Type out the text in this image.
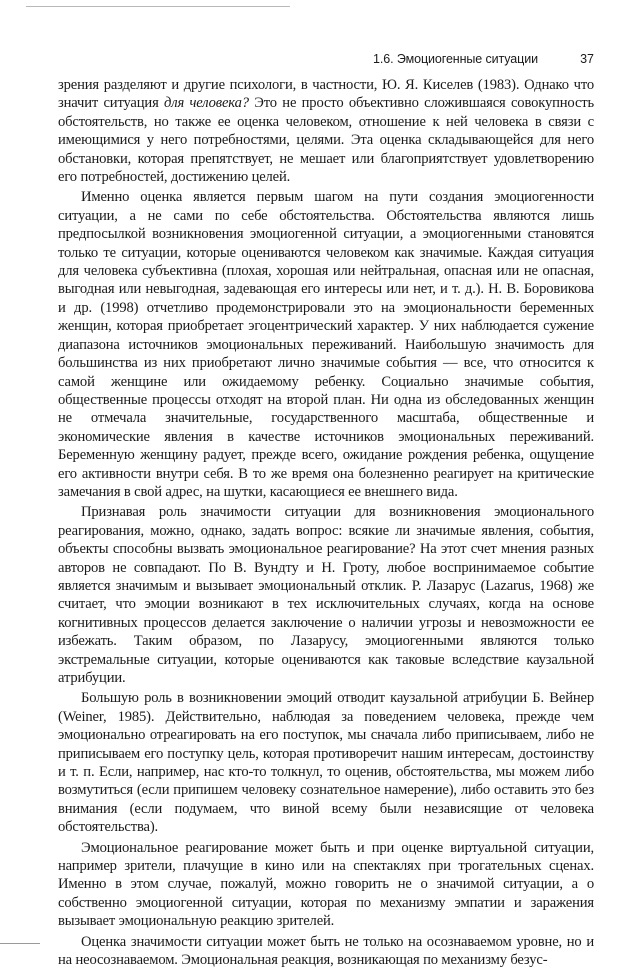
1.6. Эмоциогенные ситуации	37

зрения разделяют и другие психологи, в частности, Ю. Я. Киселев (1983). Однако что значит ситуация для человека? Это не просто объективно сложившаяся совокупность обстоятельств, но также ее оценка человеком, отношение к ней человека в связи с имеющимися у него потребностями, целями. Эта оценка складывающейся для него обстановки, которая препятствует, не мешает или благоприятствует удовлетворению его потребностей, достижению целей.

Именно оценка является первым шагом на пути создания эмоциогенности ситуации, а не сами по себе обстоятельства. Обстоятельства являются лишь предпосылкой возникновения эмоциогенной ситуации, а эмоциогенными становятся только те ситуации, которые оцениваются человеком как значимые. Каждая ситуация для человека субъективна (плохая, хорошая или нейтральная, опасная или не опасная, выгодная или невыгодная, задевающая его интересы или нет, и т. д.). Н. В. Боровикова и др. (1998) отчетливо продемонстрировали это на эмоциональности беременных женщин, которая приобретает эгоцентрический характер. У них наблюдается сужение диапазона источников эмоциональных переживаний. Наибольшую значимость для большинства из них приобретают лично значимые события — все, что относится к самой женщине или ожидаемому ребенку. Социально значимые события, общественные процессы отходят на второй план. Ни одна из обследованных женщин не отмечала значительные, государственного масштаба, общественные и экономические явления в качестве источников эмоциональных переживаний. Беременную женщину радует, прежде всего, ожидание рождения ребенка, ощущение его активности внутри себя. В то же время она болезненно реагирует на критические замечания в свой адрес, на шутки, касающиеся ее внешнего вида.

Признавая роль значимости ситуации для возникновения эмоционального реагирования, можно, однако, задать вопрос: всякие ли значимые явления, события, объекты способны вызвать эмоциональное реагирование? На этот счет мнения разных авторов не совпадают. По В. Вундту и Н. Гроту, любое воспринимаемое событие является значимым и вызывает эмоциональный отклик. Р. Лазарус (Lazarus, 1968) же считает, что эмоции возникают в тех исключительных случаях, когда на основе когнитивных процессов делается заключение о наличии угрозы и невозможности ее избежать. Таким образом, по Лазарусу, эмоциогенными являются только экстремальные ситуации, которые оцениваются как таковые вследствие каузальной атрибуции.

Большую роль в возникновении эмоций отводит каузальной атрибуции Б. Вейнер (Weiner, 1985). Действительно, наблюдая за поведением человека, прежде чем эмоционально отреагировать на его поступок, мы сначала либо приписываем, либо не приписываем его поступку цель, которая противоречит нашим интересам, достоинству и т. п. Если, например, нас кто-то толкнул, то оценив, обстоятельства, мы можем либо возмутиться (если припишем человеку сознательное намерение), либо оставить это без внимания (если подумаем, что виной всему были независящие от человека обстоятельства).

Эмоциональное реагирование может быть и при оценке виртуальной ситуации, например зрители, плачущие в кино или на спектаклях при трогательных сценах. Именно в этом случае, пожалуй, можно говорить не о значимой ситуации, а о собственно эмоциогенной ситуации, которая по механизму эмпатии и заражения вызывает эмоциональную реакцию зрителей.

Оценка значимости ситуации может быть не только на осознаваемом уровне, но и на неосознаваемом. Эмоциональная реакция, возникающая по механизму безус-
